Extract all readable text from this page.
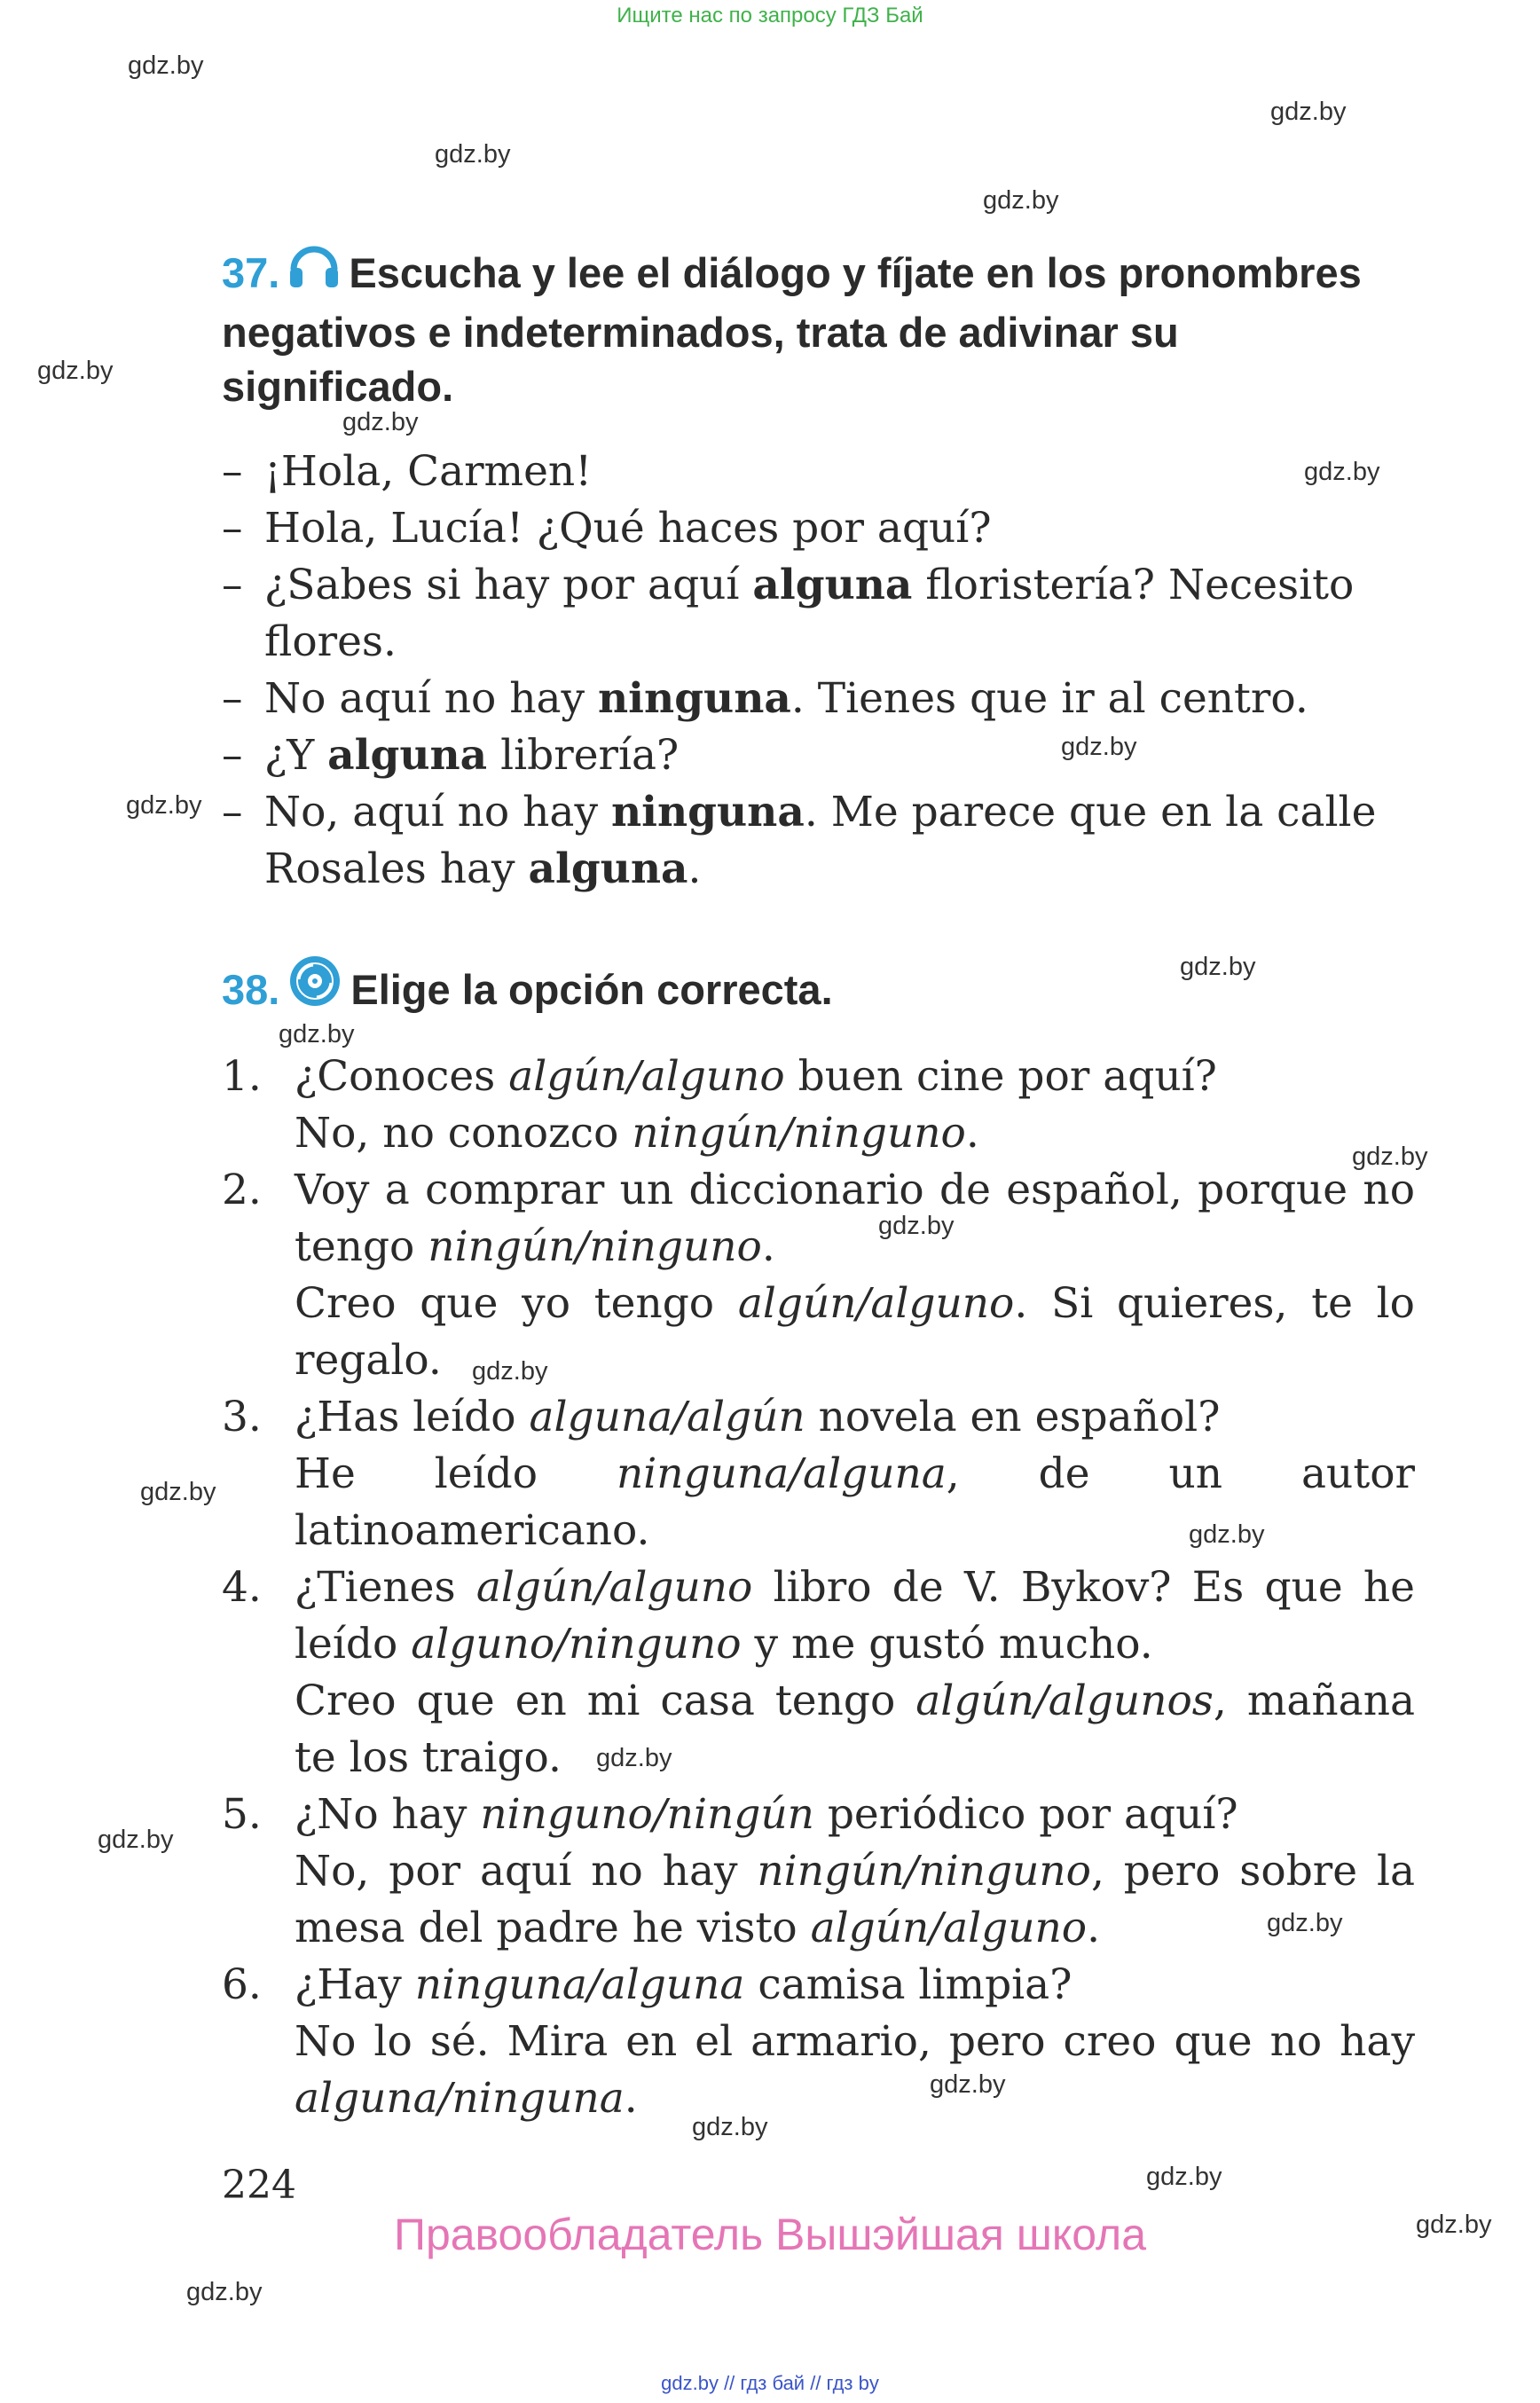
Ищите нас по запросу ГДЗ Бай
gdz.by
gdz.by
gdz.by
gdz.by
gdz.by
gdz.by
gdz.by
gdz.by
gdz.by
gdz.by
gdz.by
gdz.by
gdz.by
gdz.by
gdz.by
gdz.by
gdz.by
gdz.by
gdz.by
gdz.by
gdz.by
gdz.by
gdz.by
gdz.by
37. Escucha y lee el diálogo y fíjate en los pronombres negativos e indeterminados, trata de adivinar su significado.
– ¡Hola, Carmen!
– Hola, Lucía! ¿Qué haces por aquí?
– ¿Sabes si hay por aquí alguna floristería? Necesito flores.
– No aquí no hay ninguna. Tienes que ir al centro.
– ¿Y alguna librería?
– No, aquí no hay ninguna. Me parece que en la calle Rosales hay alguna.
38. Elige la opción correcta.
1. ¿Conoces algún/alguno buen cine por aquí?
No, no conozco ningún/ninguno.
2. Voy a comprar un diccionario de español, porque no tengo ningún/ninguno.
Creo que yo tengo algún/alguno. Si quieres, te lo regalo.
3. ¿Has leído alguna/algún novela en español?
He leído ninguna/alguna, de un autor latinoamericano.
4. ¿Tienes algún/alguno libro de V. Bykov? Es que he leído alguno/ninguno y me gustó mucho.
Creo que en mi casa tengo algún/algunos, mañana te los traigo.
5. ¿No hay ninguno/ningún periódico por aquí?
No, por aquí no hay ningún/ninguno, pero sobre la mesa del padre he visto algún/alguno.
6. ¿Hay ninguna/alguna camisa limpia?
No lo sé. Mira en el armario, pero creo que no hay alguna/ninguna.
224
Правообладатель Вышэйшая школа
gdz.by // гдз бай // гдз by
